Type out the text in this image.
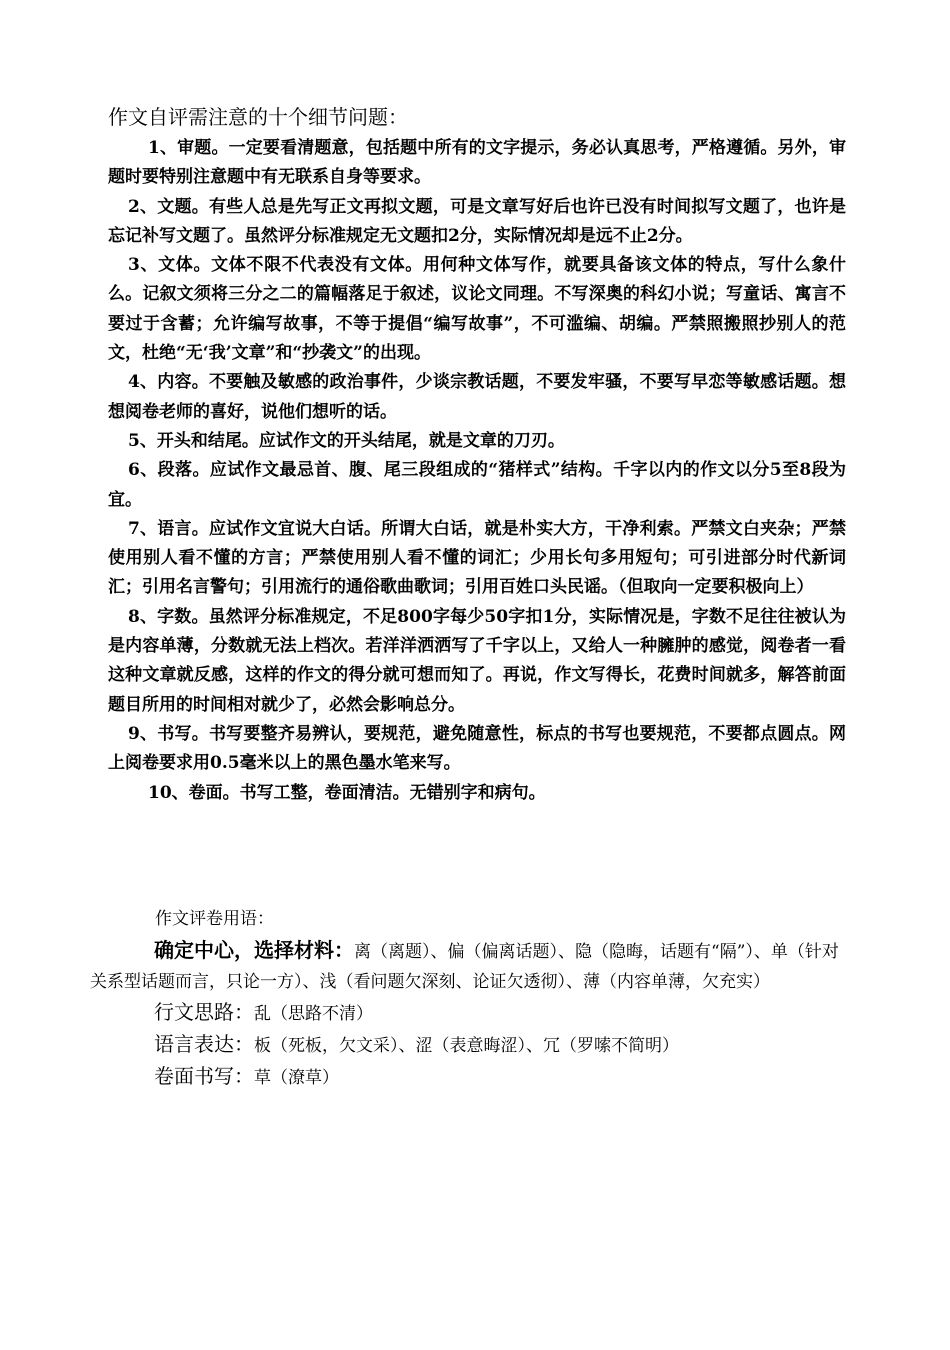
作文自评需注意的十个细节问题：

1、审题。一定要看清题意，包括题中所有的文字提示，务必认真思考，严格遵循。另外，审题时要特别注意题中有无联系自身等要求。

2、文题。有些人总是先写正文再拟文题，可是文章写好后也许已没有时间拟写文题了，也许是忘记补写文题了。虽然评分标准规定无文题扣2分，实际情况却是远不止2分。

3、文体。文体不限不代表没有文体。用何种文体写作，就要具备该文体的特点，写什么象什么。记叙文须将三分之二的篇幅落足于叙述，议论文同理。不写深奥的科幻小说；写童话、寓言不要过于含蓄；允许编写故事，不等于提倡“编写故事”，不可滥编、胡编。严禁照搬照抄别人的范文，杜绝“无‘我’文章”和“抄袭文”的出现。

4、内容。不要触及敏感的政治事件，少谈宗教话题，不要发牢骚，不要写早恋等敏感话题。想想阅卷老师的喜好，说他们想听的话。

5、开头和结尾。应试作文的开头结尾，就是文章的刀刃。

6、段落。应试作文最忌首、腹、尾三段组成的“猪样式”结构。千字以内的作文以分5至8段为宜。

7、语言。应试作文宜说大白话。所谓大白话，就是朴实大方，干净利索。严禁文白夹杂；严禁使用别人看不懂的方言；严禁使用别人看不懂的词汇；少用长句多用短句；可引进部分时代新词汇；引用名言警句；引用流行的通俗歌曲歌词；引用百姓口头民谣。（但取向一定要积极向上）

8、字数。虽然评分标准规定，不足800字每少50字扣1分，实际情况是，字数不足往往被认为是内容单薄，分数就无法上档次。若洋洋洒洒写了千字以上，又给人一种臃肿的感觉，阅卷者一看这种文章就反感，这样的作文的得分就可想而知了。再说，作文写得长，花费时间就多，解答前面题目所用的时间相对就少了，必然会影响总分。

9、书写。书写要整齐易辨认，要规范，避免随意性，标点的书写也要规范，不要都点圆点。网上阅卷要求用0.5毫米以上的黑色墨水笔来写。

10、卷面。书写工整，卷面清洁。无错别字和病句。

作文评卷用语：

确定中心，选择材料：离（离题）、偏（偏离话题）、隐（隐晦，话题有“隔”）、单（针对关系型话题而言，只论一方）、浅（看问题欠深刻、论证欠透彻）、薄（内容单薄，欠充实）

行文思路：乱（思路不清）

语言表达：板（死板，欠文采）、涩（表意晦涩）、冗（罗嗦不简明）

卷面书写：草（潦草）
